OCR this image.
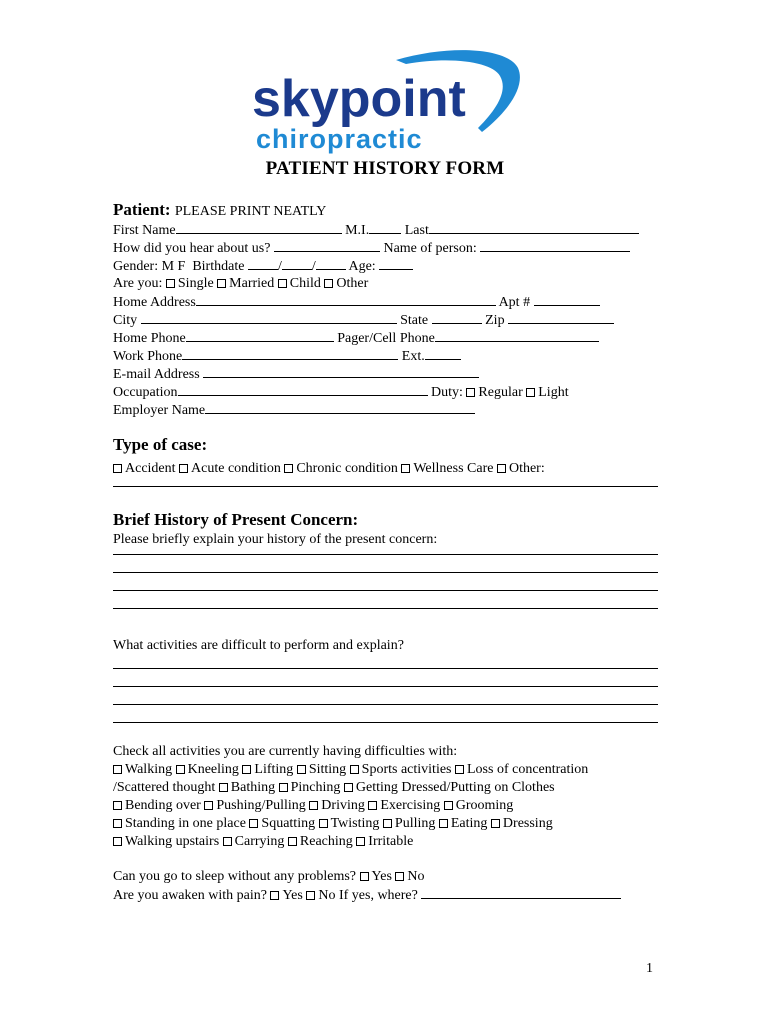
skypoint
chiropractic
PATIENT HISTORY FORM
Patient: PLEASE PRINT NEATLY
First Name	M.I.	Last
How did you hear about us?	Name of person:
Gender: M F Birthdate / / Age:
Are you: Single Married Child Other
Home Address	Apt #
City	State	Zip
Home Phone	Pager/Cell Phone
Work Phone	Ext.
E-mail Address
Occupation	Duty: Regular Light
Employer Name
Type of case:
Accident Acute condition Chronic condition Wellness Care Other:
Brief History of Present Concern:
Please briefly explain your history of the present concern:
What activities are difficult to perform and explain?
Check all activities you are currently having difficulties with:
Walking Kneeling Lifting Sitting Sports activities Loss of concentration
/Scattered thought Bathing Pinching Getting Dressed/Putting on Clothes
Bending over Pushing/Pulling Driving Exercising Grooming
Standing in one place Squatting Twisting Pulling Eating Dressing
Walking upstairs Carrying Reaching Irritable
Can you go to sleep without any problems? Yes No
Are you awaken with pain? Yes No If yes, where?
1
